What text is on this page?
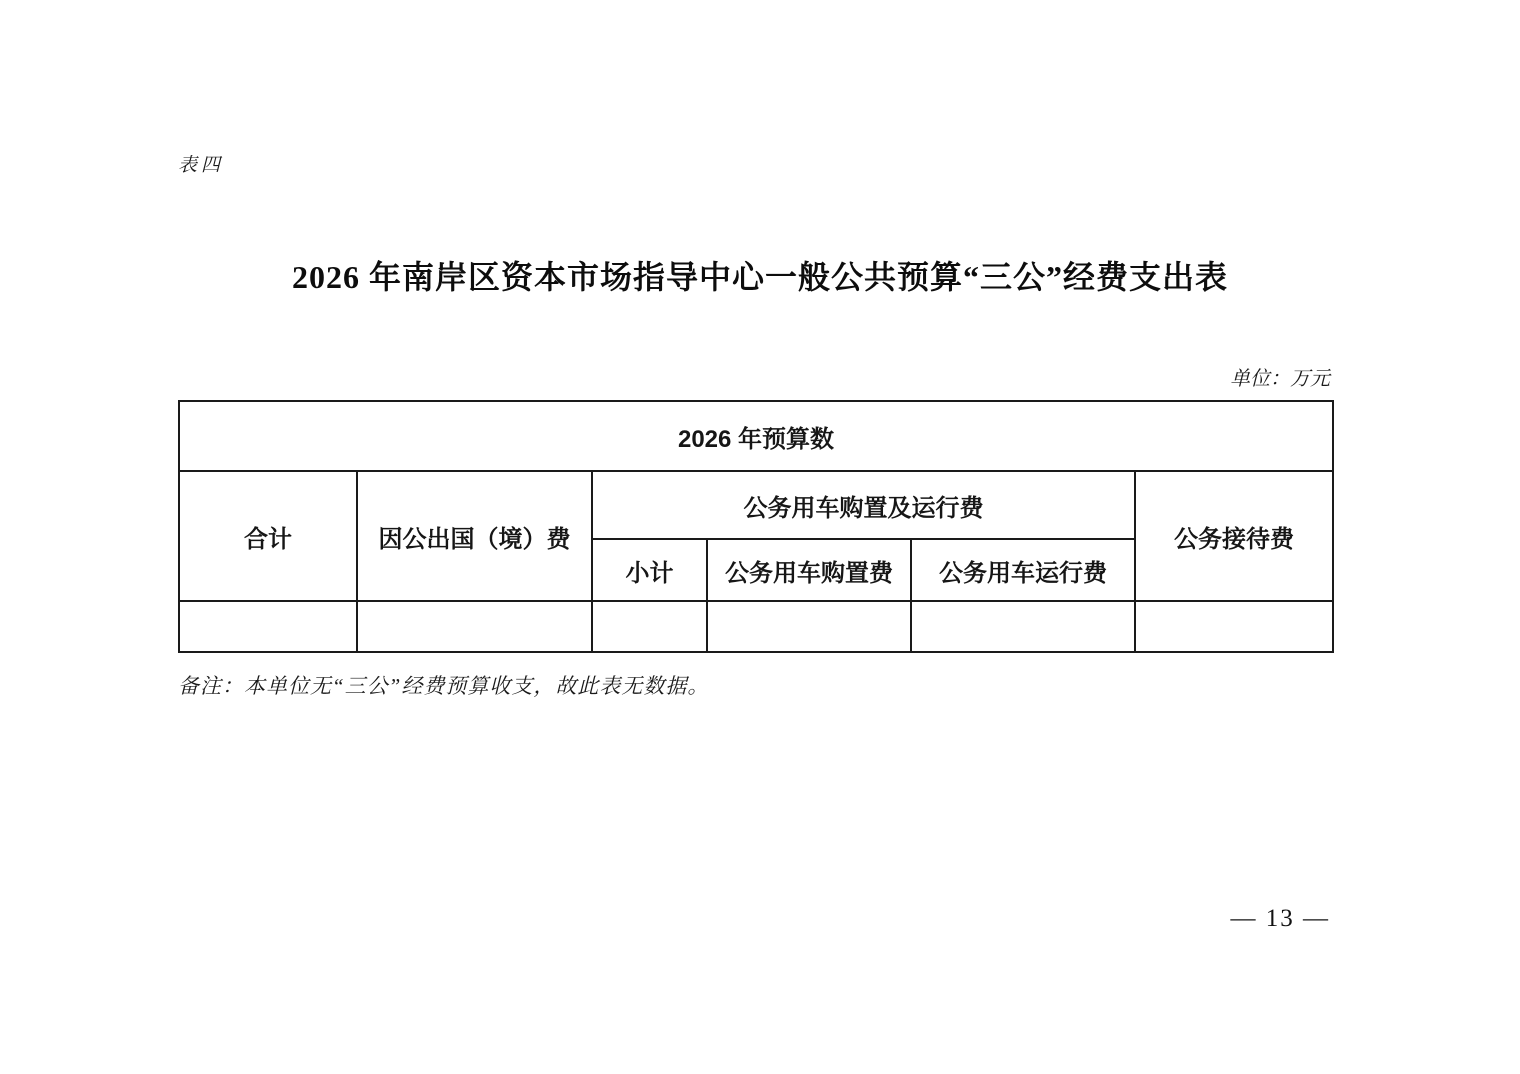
表四
2026 年南岸区资本市场指导中心一般公共预算“三公”经费支出表
单位：万元
2026 年预算数					
合计	因公出国（境）费	公务用车购置及运行费			公务接待费
		小计	公务用车购置费	公务用车运行费	

备注：本单位无“三公”经费预算收支，故此表无数据。
— 13 —
